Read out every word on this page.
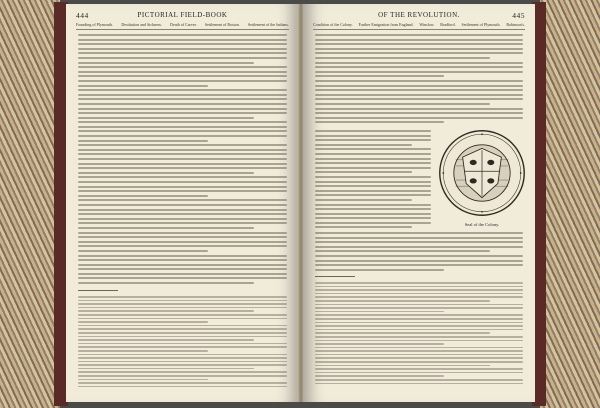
444	PICTORIAL FIELD-BOOK
Founding of Plymouth. Destitution and Sickness. Death of Carver. Settlement of Boston. Settlement of the Indians.
OF THE REVOLUTION.	445
Condition of the Colony. Further Emigration from England. Winslow. Bradford. Settlement of Plymouth. Robinson's.
Seal of the Colony.
